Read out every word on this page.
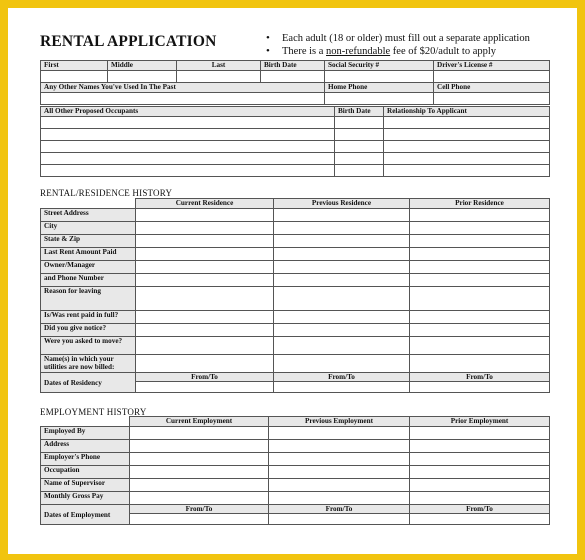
RENTAL APPLICATION	• Each adult (18 or older) must fill out a separate application
• There is a non-refundable fee of $20/adult to apply
First	Middle	Last	Birth Date	Social Security #	Driver's License #

Any Other Names You've Used In The Past				Home Phone	Cell Phone

All Other Proposed Occupants	Birth Date	Relationship To Applicant

RENTAL/RESIDENCE HISTORY
	Current Residence	Previous Residence	Prior Residence
Street Address			
City			
State & Zip			
Last Rent Amount Paid			
Owner/Manager			
and Phone Number			
Reason for leaving			
Is/Was rent paid in full?			
Did you give notice?			
Were you asked to move?			
Name(s) in which your utilities are now billed:			
Dates of Residency	From/To	From/To	From/To

EMPLOYMENT HISTORY
	Current Employment	Previous Employment	Prior Employment
Employed By			
Address			
Employer's Phone			
Occupation			
Name of Supervisor			
Monthly Gross Pay			
Dates of Employment	From/To	From/To	From/To
